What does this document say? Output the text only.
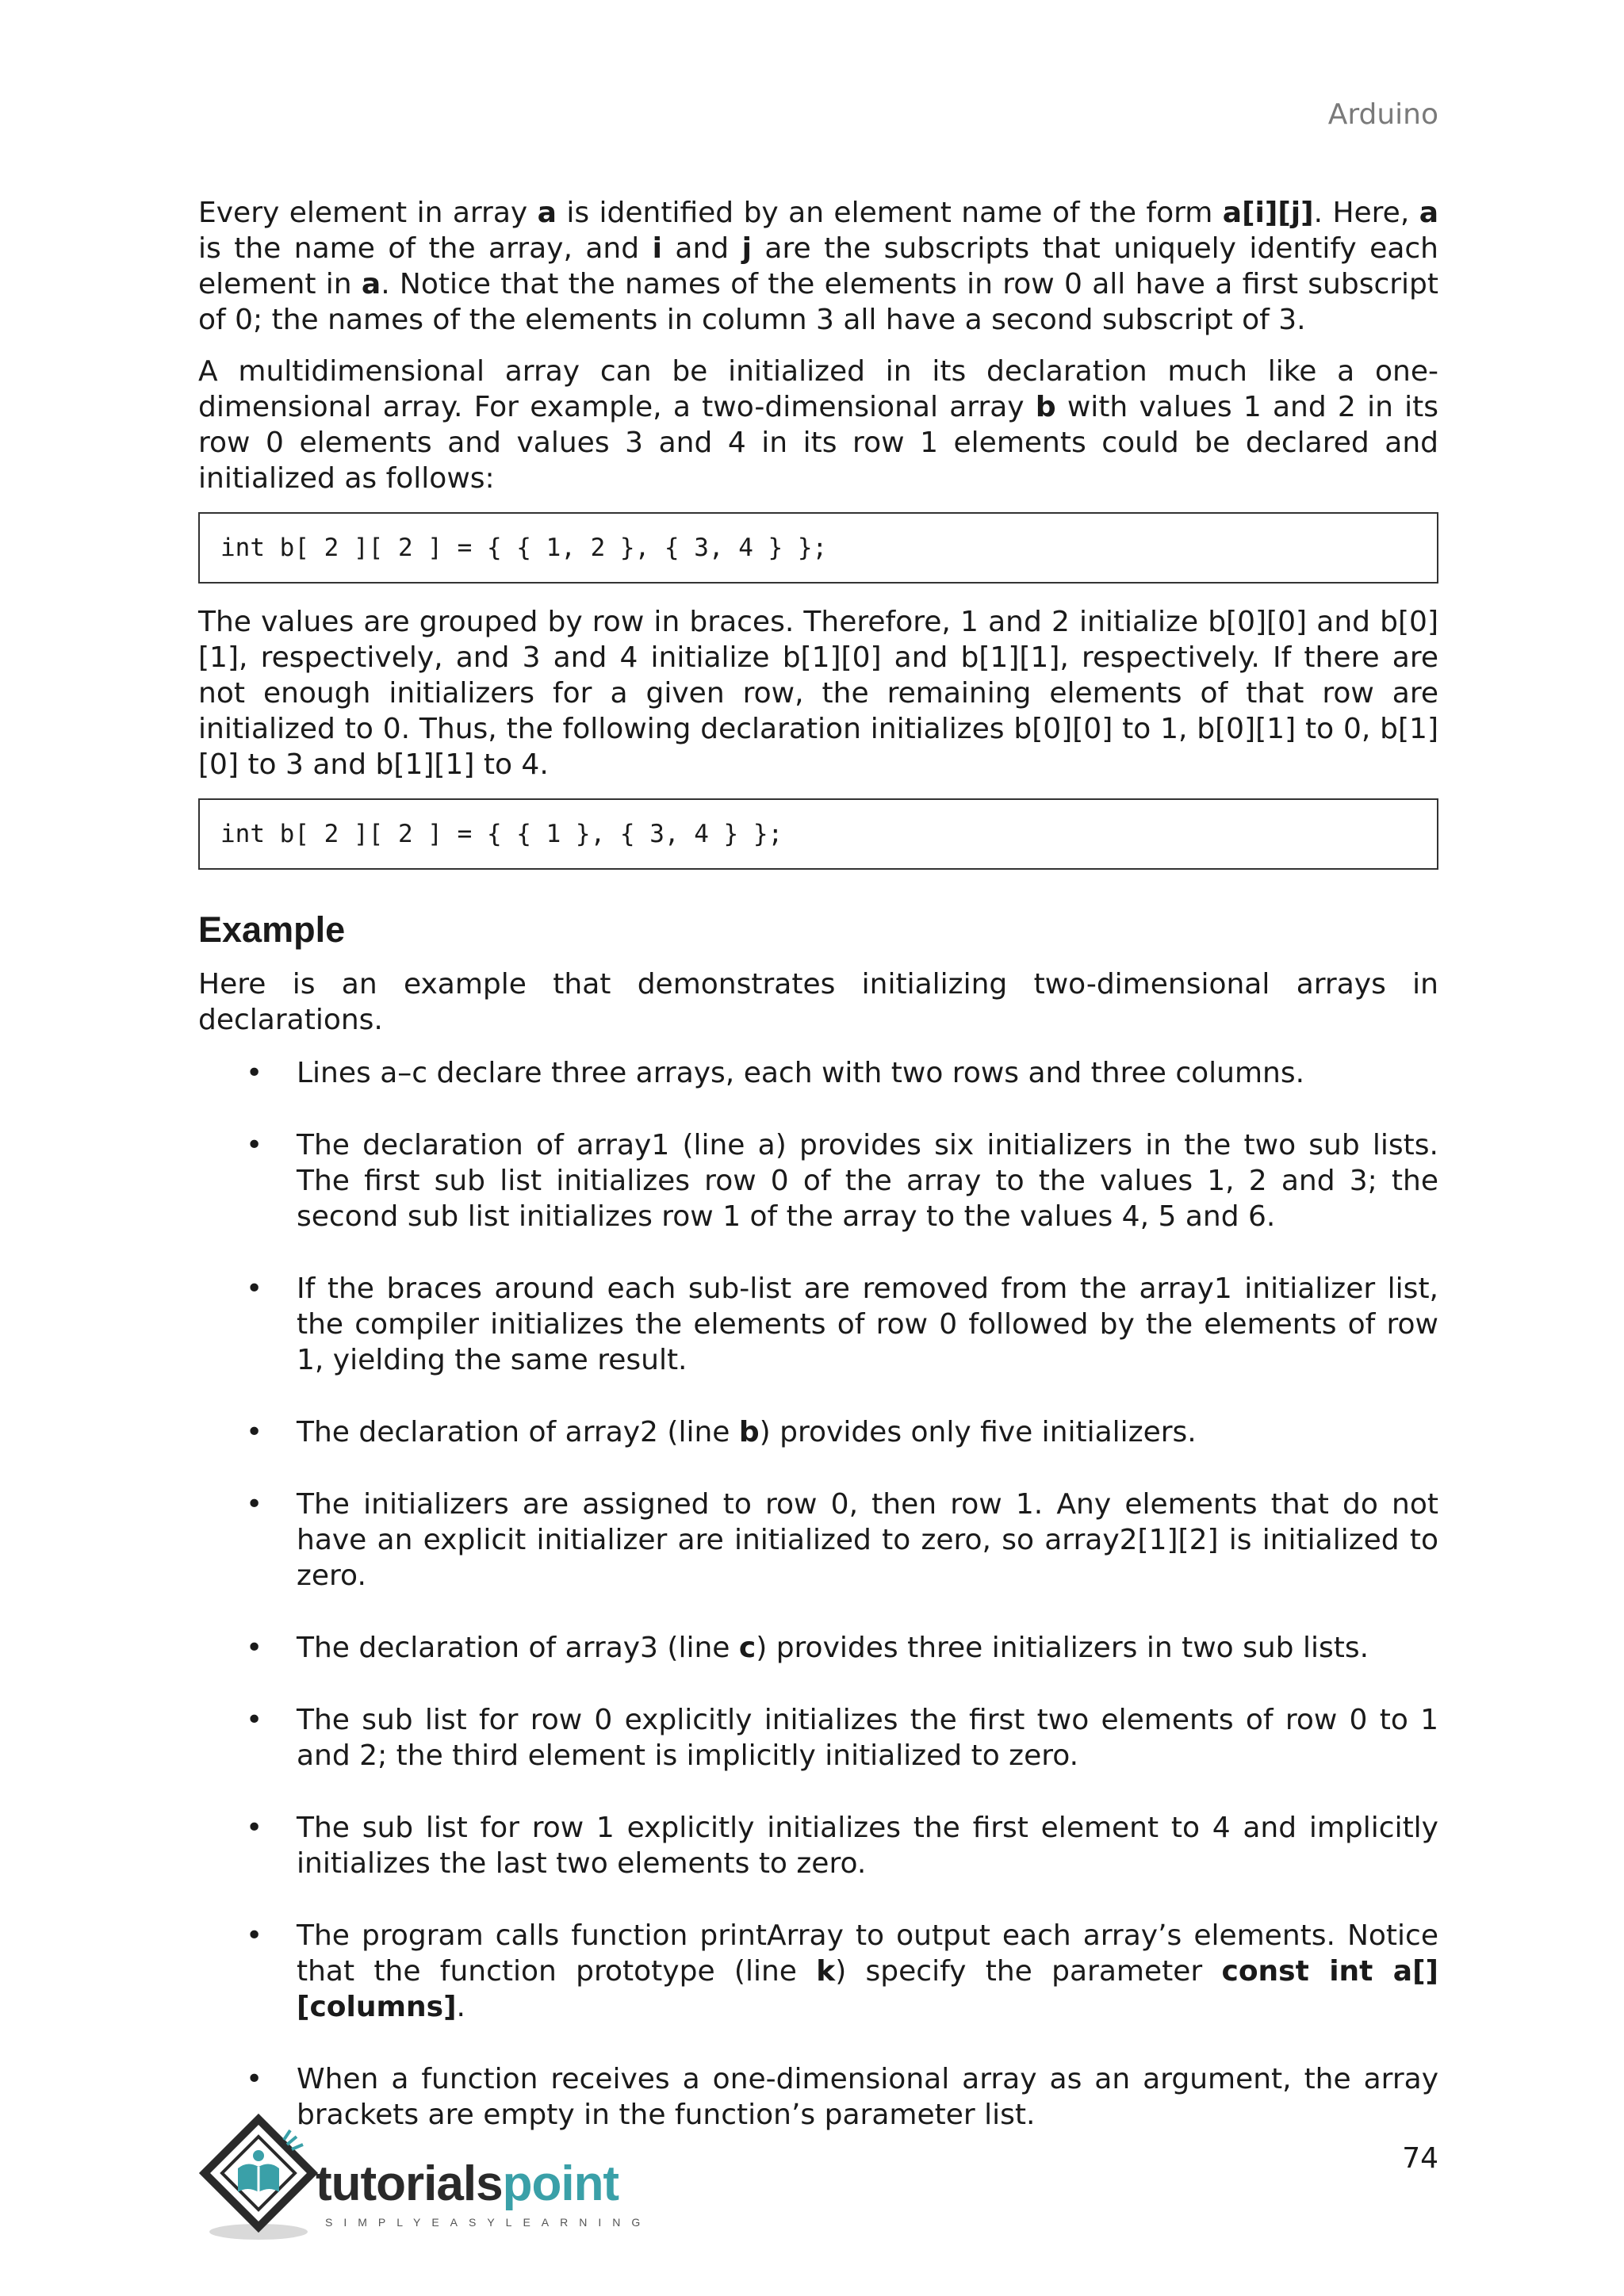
Arduino

Every element in array a is identified by an element name of the form a[i][j]. Here, a is the name of the array, and i and j are the subscripts that uniquely identify each element in a. Notice that the names of the elements in row 0 all have a first subscript of 0; the names of the elements in column 3 all have a second subscript of 3.

A multidimensional array can be initialized in its declaration much like a one-dimensional array. For example, a two-dimensional array b with values 1 and 2 in its row 0 elements and values 3 and 4 in its row 1 elements could be declared and initialized as follows:

int b[ 2 ][ 2 ] = { { 1, 2 }, { 3, 4 } };

The values are grouped by row in braces. Therefore, 1 and 2 initialize b[0][0] and b[0][1], respectively, and 3 and 4 initialize b[1][0] and b[1][1], respectively. If there are not enough initializers for a given row, the remaining elements of that row are initialized to 0. Thus, the following declaration initializes b[0][0] to 1, b[0][1] to 0, b[1][0] to 3 and b[1][1] to 4.

int b[ 2 ][ 2 ] = { { 1 }, { 3, 4 } };
Example

Here is an example that demonstrates initializing two-dimensional arrays in declarations.

• Lines a–c declare three arrays, each with two rows and three columns.
• The declaration of array1 (line a) provides six initializers in the two sub lists. The first sub list initializes row 0 of the array to the values 1, 2 and 3; the second sub list initializes row 1 of the array to the values 4, 5 and 6.
• If the braces around each sub-list are removed from the array1 initializer list, the compiler initializes the elements of row 0 followed by the elements of row 1, yielding the same result.
• The declaration of array2 (line b) provides only five initializers.
• The initializers are assigned to row 0, then row 1. Any elements that do not have an explicit initializer are initialized to zero, so array2[1][2] is initialized to zero.
• The declaration of array3 (line c) provides three initializers in two sub lists.
• The sub list for row 0 explicitly initializes the first two elements of row 0 to 1 and 2; the third element is implicitly initialized to zero.
• The sub list for row 1 explicitly initializes the first element to 4 and implicitly initializes the last two elements to zero.
• The program calls function printArray to output each array’s elements. Notice that the function prototype (line k) specify the parameter const int a[][columns].
• When a function receives a one-dimensional array as an argument, the array brackets are empty in the function’s parameter list.
74
tutorialspoint
SIMPLYEASYLEARNING
